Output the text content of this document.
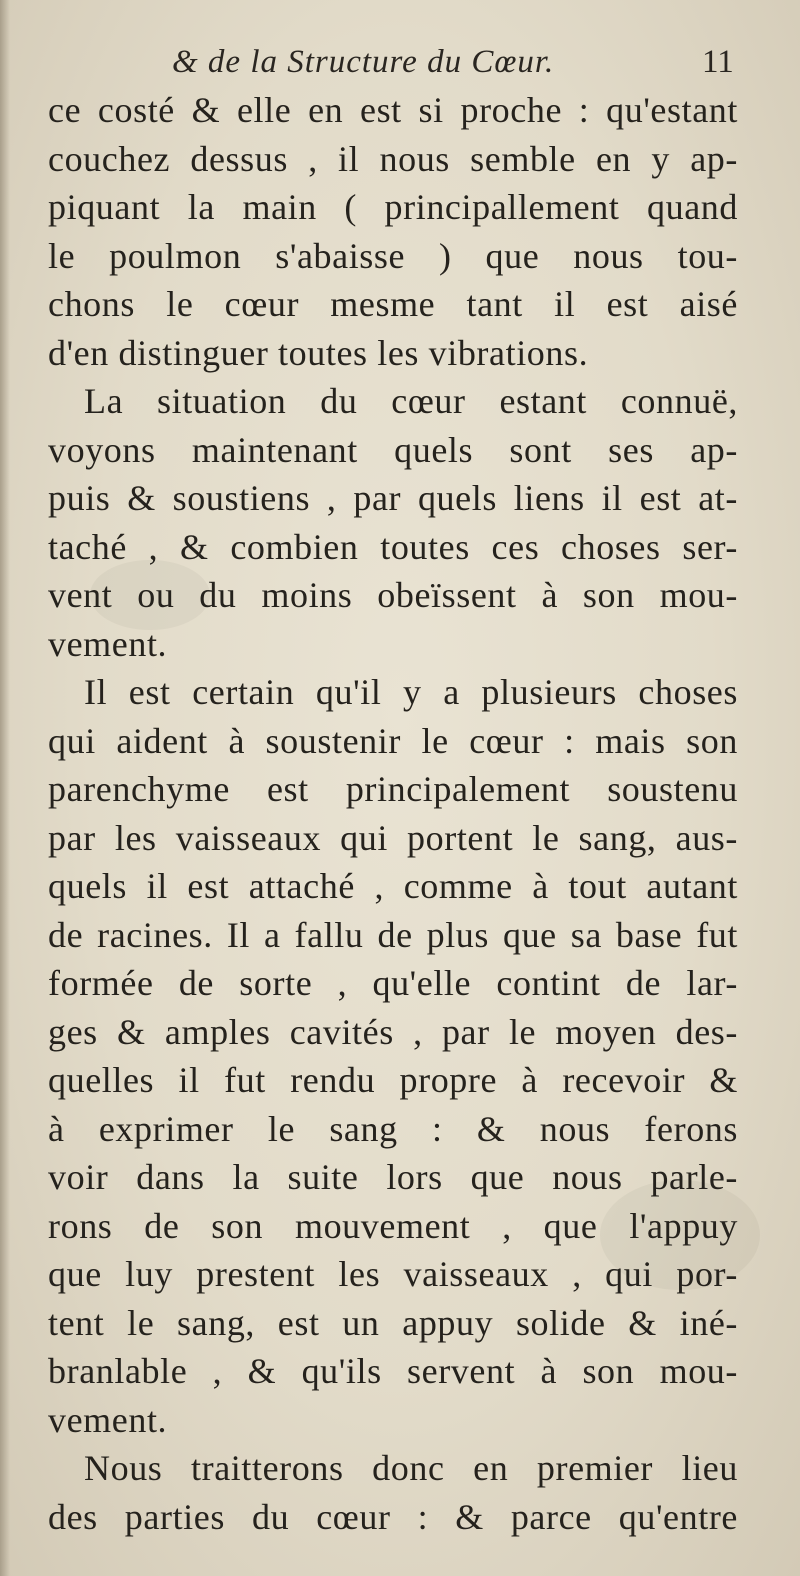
& de la Structure du Cœur.	11
ce costé & elle en est si proche : qu'estant
couchez dessus , il nous semble en y ap-
piquant la main ( principallement quand
le poulmon s'abaisse ) que nous tou-
chons le cœur mesme tant il est aisé
d'en distinguer toutes les vibrations.
La situation du cœur estant connuë,
voyons maintenant quels sont ses ap-
puis & soustiens , par quels liens il est at-
taché , & combien toutes ces choses ser-
vent ou du moins obeïssent à son mou-
vement.
Il est certain qu'il y a plusieurs choses
qui aident à soustenir le cœur : mais son
parenchyme est principalement soustenu
par les vaisseaux qui portent le sang, aus-
quels il est attaché , comme à tout autant
de racines. Il a fallu de plus que sa base fut
formée de sorte , qu'elle contint de lar-
ges & amples cavités , par le moyen des-
quelles il fut rendu propre à recevoir &
à exprimer le sang : & nous ferons
voir dans la suite lors que nous parle-
rons de son mouvement , que l'appuy
que luy prestent les vaisseaux , qui por-
tent le sang, est un appuy solide & iné-
branlable , & qu'ils servent à son mou-
vement.
Nous traitterons donc en premier lieu
des parties du cœur : & parce qu'entre
